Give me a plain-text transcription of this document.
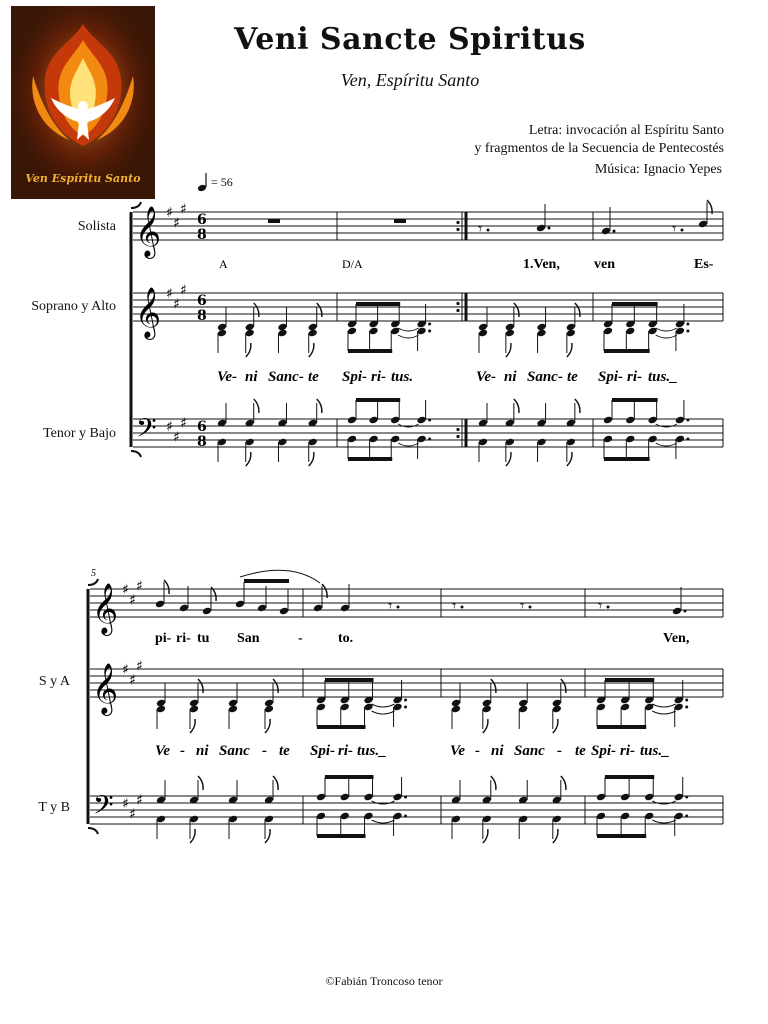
Ven Espíritu Santo
Veni Sancte Spiritus
Ven, Espíritu Santo
Letra: invocación al Espíritu Santo
y fragmentos de la Secuencia de Pentecostés
Música: Ignacio Yepes
= 56
Solista
Soprano y Alto
Tenor y Bajo
S y A
T y B
𝄞 ♯
♯
♯
𝄞 ♯
♯
♯
𝄢 ♯
♯
♯
𝄞 ♯
♯
♯
𝄞 ♯
♯
♯
𝄢 ♯
♯
♯
𝄾	𝄾
𝄾	𝄾	𝄾	𝄾
6
8
6
8
6
8
A	D/A	1.Ven, ven	Es-
Ve- ni Sanc- te Spi- ri- tus.	Ve- ni Sanc- te Spi- ri- tus._
5
pi- ri- tu San	-	to.	Ven,
Ve - ni Sanc - te Spi- ri- tus._	Ve - ni Sanc - te Spi- ri- tus._
©Fabián Troncoso tenor
